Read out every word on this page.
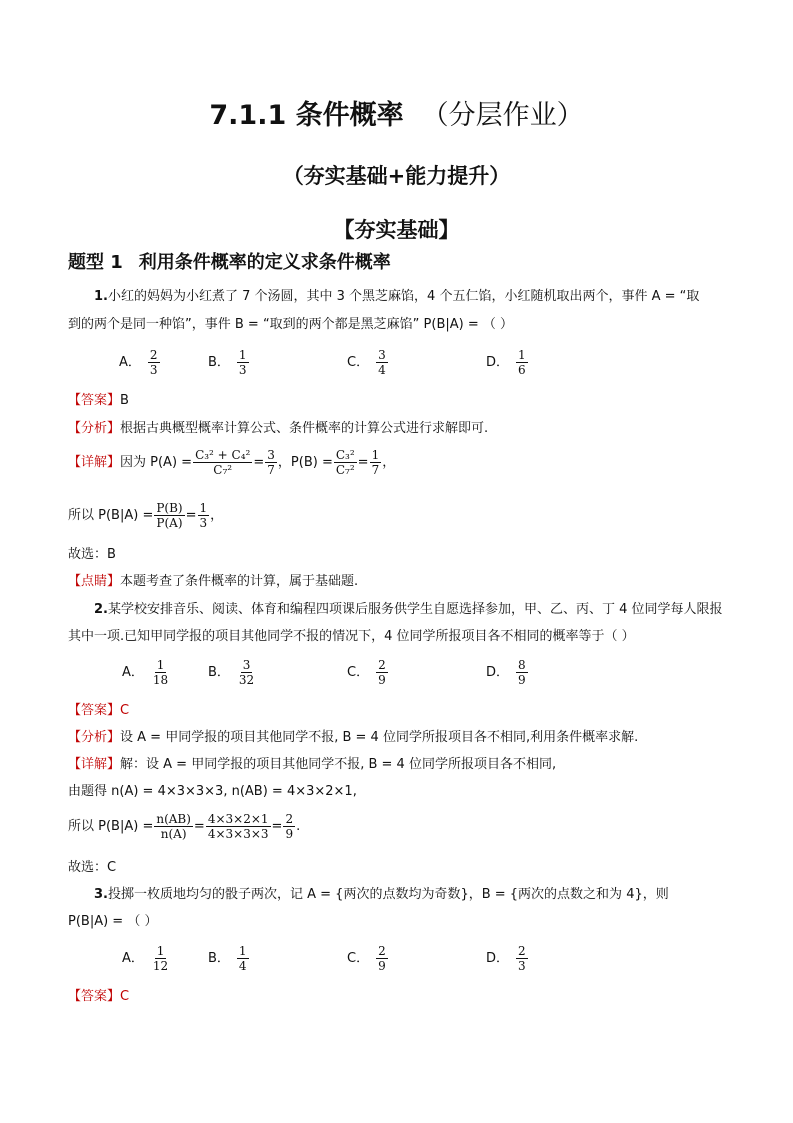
7.1.1 条件概率 （分层作业）
（夯实基础+能力提升）
【夯实基础】
题型 1 利用条件概率的定义求条件概率
1.小红的妈妈为小红煮了 7 个汤圆，其中 3 个黑芝麻馅，4 个五仁馅，小红随机取出两个，事件 A = “取
到的两个是同一种馅”，事件 B = “取到的两个都是黑芝麻馅” P(B|A) = （ ）
A． $\frac{2}{3}$	B． $\frac{1}{3}$	C． $\frac{3}{4}$	D． $\frac{1}{6}$
【答案】B
【分析】根据古典概型概率计算公式、条件概率的计算公式进行求解即可.
【详解】 因为 $P(A) = \frac{\text{C₃² + C₄²}}{\text{C₇²}} = \frac{3}{7}$ ，$P(B) = \frac{\text{C₃²}}{\text{C₇²}} = \frac{1}{7}$ ，
所以 $P(B|A) = \frac{P(B)}{P(A)} = \frac{1}{3}$ ，
故选：B
【点睛】本题考查了条件概率的计算，属于基础题.
2.某学校安排音乐、阅读、体育和编程四项课后服务供学生自愿选择参加，甲、乙、丙、丁 4 位同学每人限报
其中一项.已知甲同学报的项目其他同学不报的情况下，4 位同学所报项目各不相同的概率等于（ ）
A． $\frac{1}{18}$	B． $\frac{3}{32}$	C． $\frac{2}{9}$	D． $\frac{8}{9}$
【答案】C
【分析】设 A = 甲同学报的项目其他同学不报, B = 4 位同学所报项目各不相同,利用条件概率求解.
【详解】解：设 A = 甲同学报的项目其他同学不报, B = 4 位同学所报项目各不相同,
由题得 n(A) = 4×3×3×3, n(AB) = 4×3×2×1,
所以 $P(B|A) = \frac{n(AB)}{n(A)} = \frac{4\times 3\times 2\times 1}{4\times 3\times 3\times 3} = \frac{2}{9}$ .
故选：C
3.投掷一枚质地均匀的骰子两次，记 A = {两次的点数均为奇数}，B = {两次的点数之和为 4}，则
P(B|A) = （ ）
A． $\frac{1}{12}$	B． $\frac{1}{4}$	C． $\frac{2}{9}$	D． $\frac{2}{3}$
【答案】C
